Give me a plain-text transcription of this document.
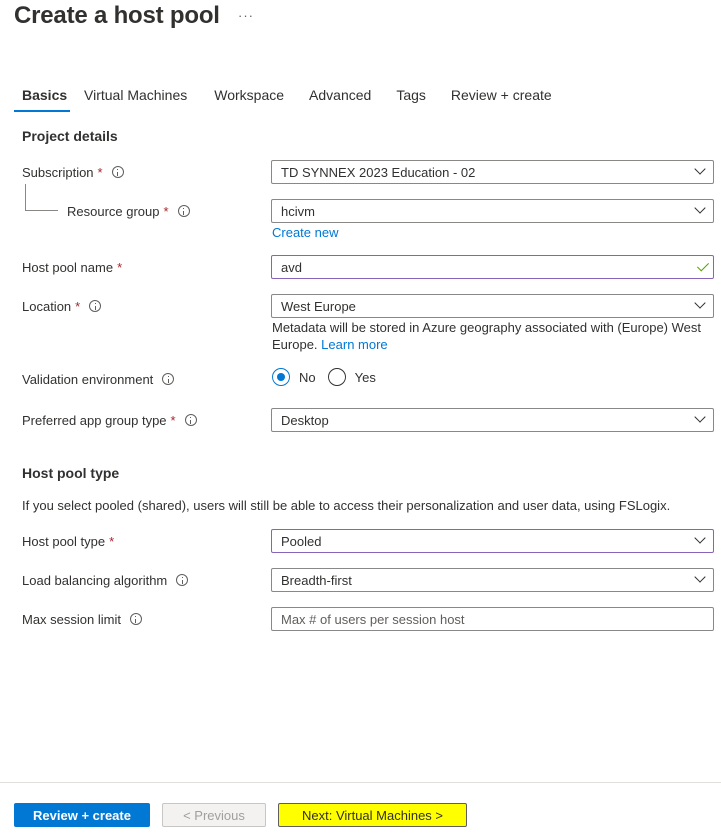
Create a host pool ···
Basics	Virtual Machines	Workspace	Advanced	Tags	Review + create
Project details
Subscription *	TD SYNNEX 2023 Education - 02
Resource group *	hcivm
Create new
Host pool name *	avd
Location *	West Europe
Metadata will be stored in Azure geography associated with (Europe) West Europe. Learn more
Validation environment	No	Yes
Preferred app group type *	Desktop
Host pool type
If you select pooled (shared), users will still be able to access their personalization and user data, using FSLogix.
Host pool type *	Pooled
Load balancing algorithm	Breadth-first
Max session limit	Max # of users per session host
Review + create	< Previous	Next: Virtual Machines >
